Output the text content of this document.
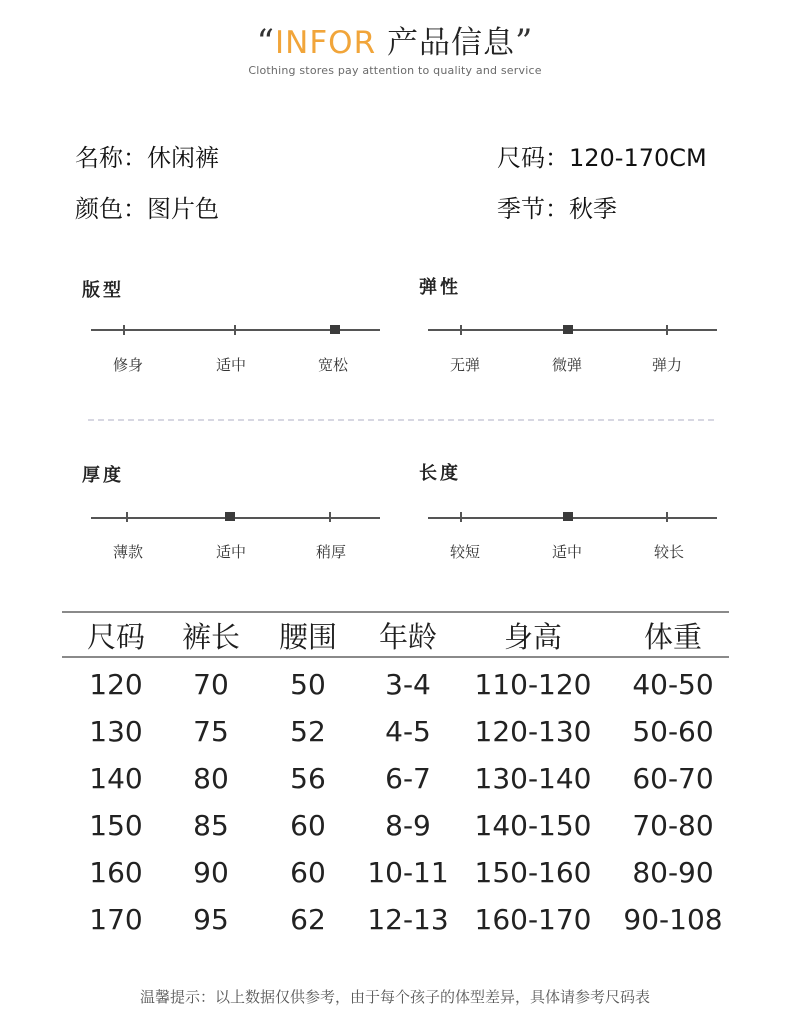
“INFOR 产品信息”
Clothing stores pay attention to quality and service
名称：休闲裤	尺码：120-170CM
颜色：图片色	季节：秋季
版型
修身	适中	宽松
弹性
无弹	微弹	弹力
厚度
薄款	适中	稍厚
长度
较短	适中	较长
尺码	裤长	腰围	年龄	身高	体重
120	70	50	3-4	110-120	40-50
130	75	52	4-5	120-130	50-60
140	80	56	6-7	130-140	60-70
150	85	60	8-9	140-150	70-80
160	90	60	10-11 150-160	80-90
170	95	62	12-13 160-170	90-108
温馨提示：以上数据仅供参考，由于每个孩子的体型差异，具体请参考尺码表
